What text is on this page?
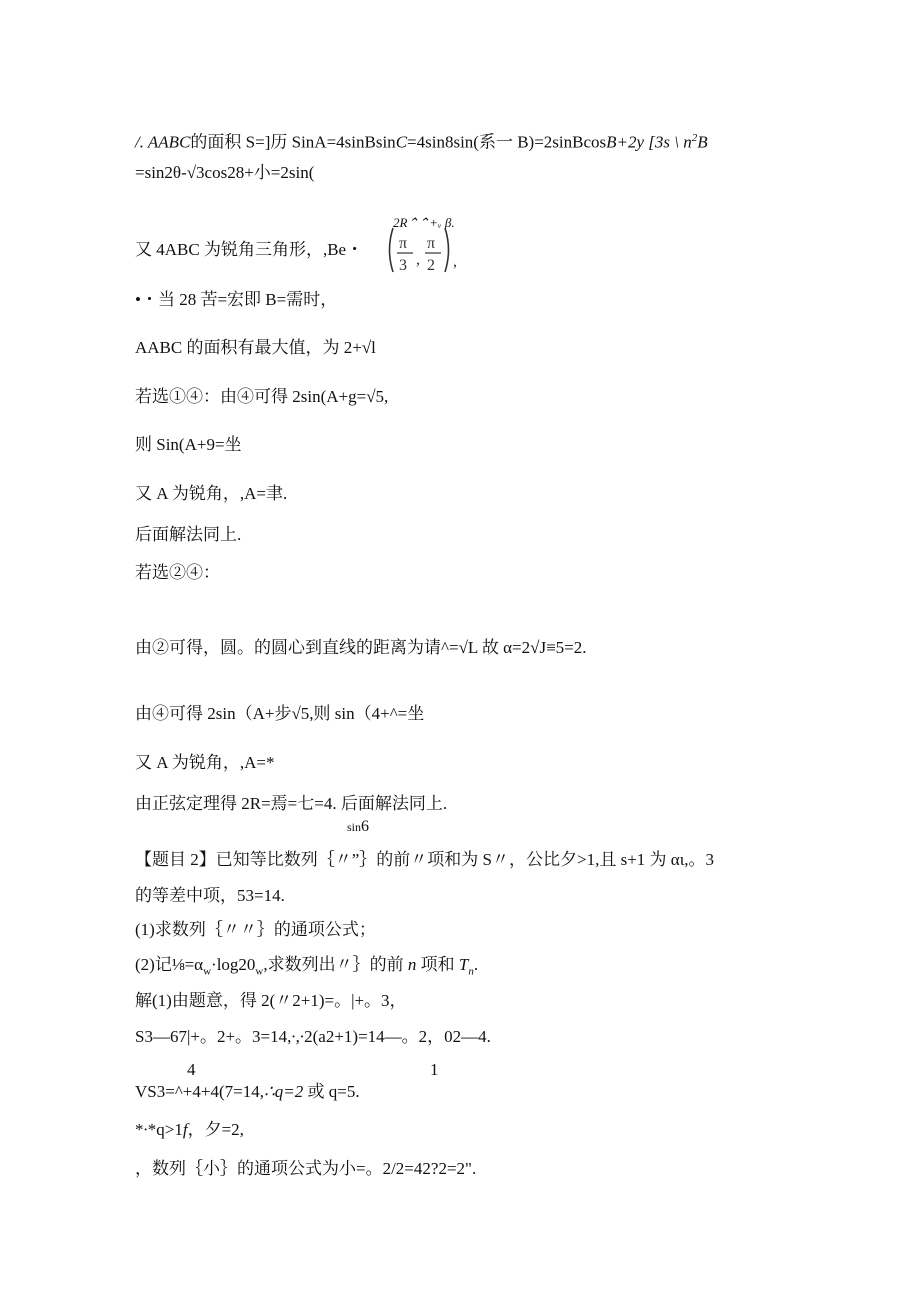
/. AABC的面积 S=]历 SinA=4sinBsinC=4sin8sin(系一 B)=2sinBcosB+2y [3s \ $n^2B$
=sin2θ-√3cos28+小=2sin(
又 4ABC 为锐角三角形，,Be・
2R⌃⌃+ᵥ β.
π
3 ,
π
2 ,
•・当 28 苦=宏即 B=需时，
AABC 的面积有最大值，为 2+√l
若选①④：由④可得 2sin(A+g=√5,
则 Sin(A+9=坐
又 A 为锐角，,A=聿.
后面解法同上.
若选②④：
由②可得，圆。的圆心到直线的距离为请^=√L 故 α=2√J≡5=2.
由④可得 2sin（A+步√5,则 sin（4+^=坐
又 A 为锐角，,A=*
由正弦定理得 2R=焉=七=4. 后面解法同上.
sin6
【题目 2】已知等比数列｛〃”｝的前〃项和为 S〃，公比夕>1,且 s+1 为 αι,。3
的等差中项，53=14.
(1)求数列｛〃〃｝的通项公式；
(2)记$\frac{1}{8}=\alpha_w\cdot\log 20_w$,求数列出〃｝的前 n 项和 $T_n$.
解(1)由题意，得 2(〃2+1)=。|+。3，
S3—67|+。2+。3=14,∙,∙2(a2+1)=14—。2，02—4.
4	1
VS3=^+4+4(7=14,∴q=2 或 q=5.
*∙*q>1f，夕=2,
，数列｛小｝的通项公式为小=。2/2=42?2=2".
